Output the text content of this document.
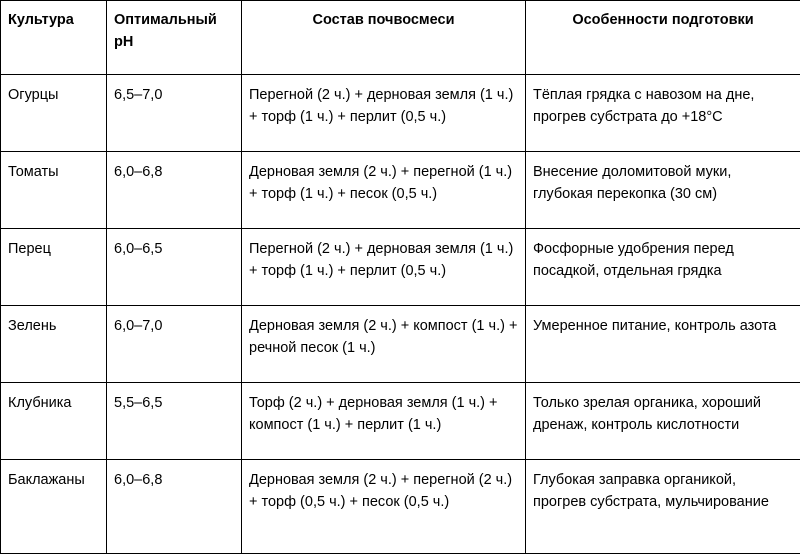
Культура	Оптимальный pH	Состав почвосмеси	Особенности подготовки
Огурцы	6,5–7,0	Перегной (2 ч.) + дерновая земля (1 ч.) + торф (1 ч.) + перлит (0,5 ч.)	Тёплая грядка с навозом на дне, прогрев субстрата до +18°C
Томаты	6,0–6,8	Дерновая земля (2 ч.) + перегной (1 ч.) + торф (1 ч.) + песок (0,5 ч.)	Внесение доломитовой муки, глубокая перекопка (30 см)
Перец	6,0–6,5	Перегной (2 ч.) + дерновая земля (1 ч.) + торф (1 ч.) + перлит (0,5 ч.)	Фосфорные удобрения перед посадкой, отдельная грядка
Зелень	6,0–7,0	Дерновая земля (2 ч.) + компост (1 ч.) + речной песок (1 ч.)	Умеренное питание, контроль азота
Клубника	5,5–6,5	Торф (2 ч.) + дерновая земля (1 ч.) + компост (1 ч.) + перлит (1 ч.)	Только зрелая органика, хороший дренаж, контроль кислотности
Баклажаны	6,0–6,8	Дерновая земля (2 ч.) + перегной (2 ч.) + торф (0,5 ч.) + песок (0,5 ч.)	Глубокая заправка органикой, прогрев субстрата, мульчирование
